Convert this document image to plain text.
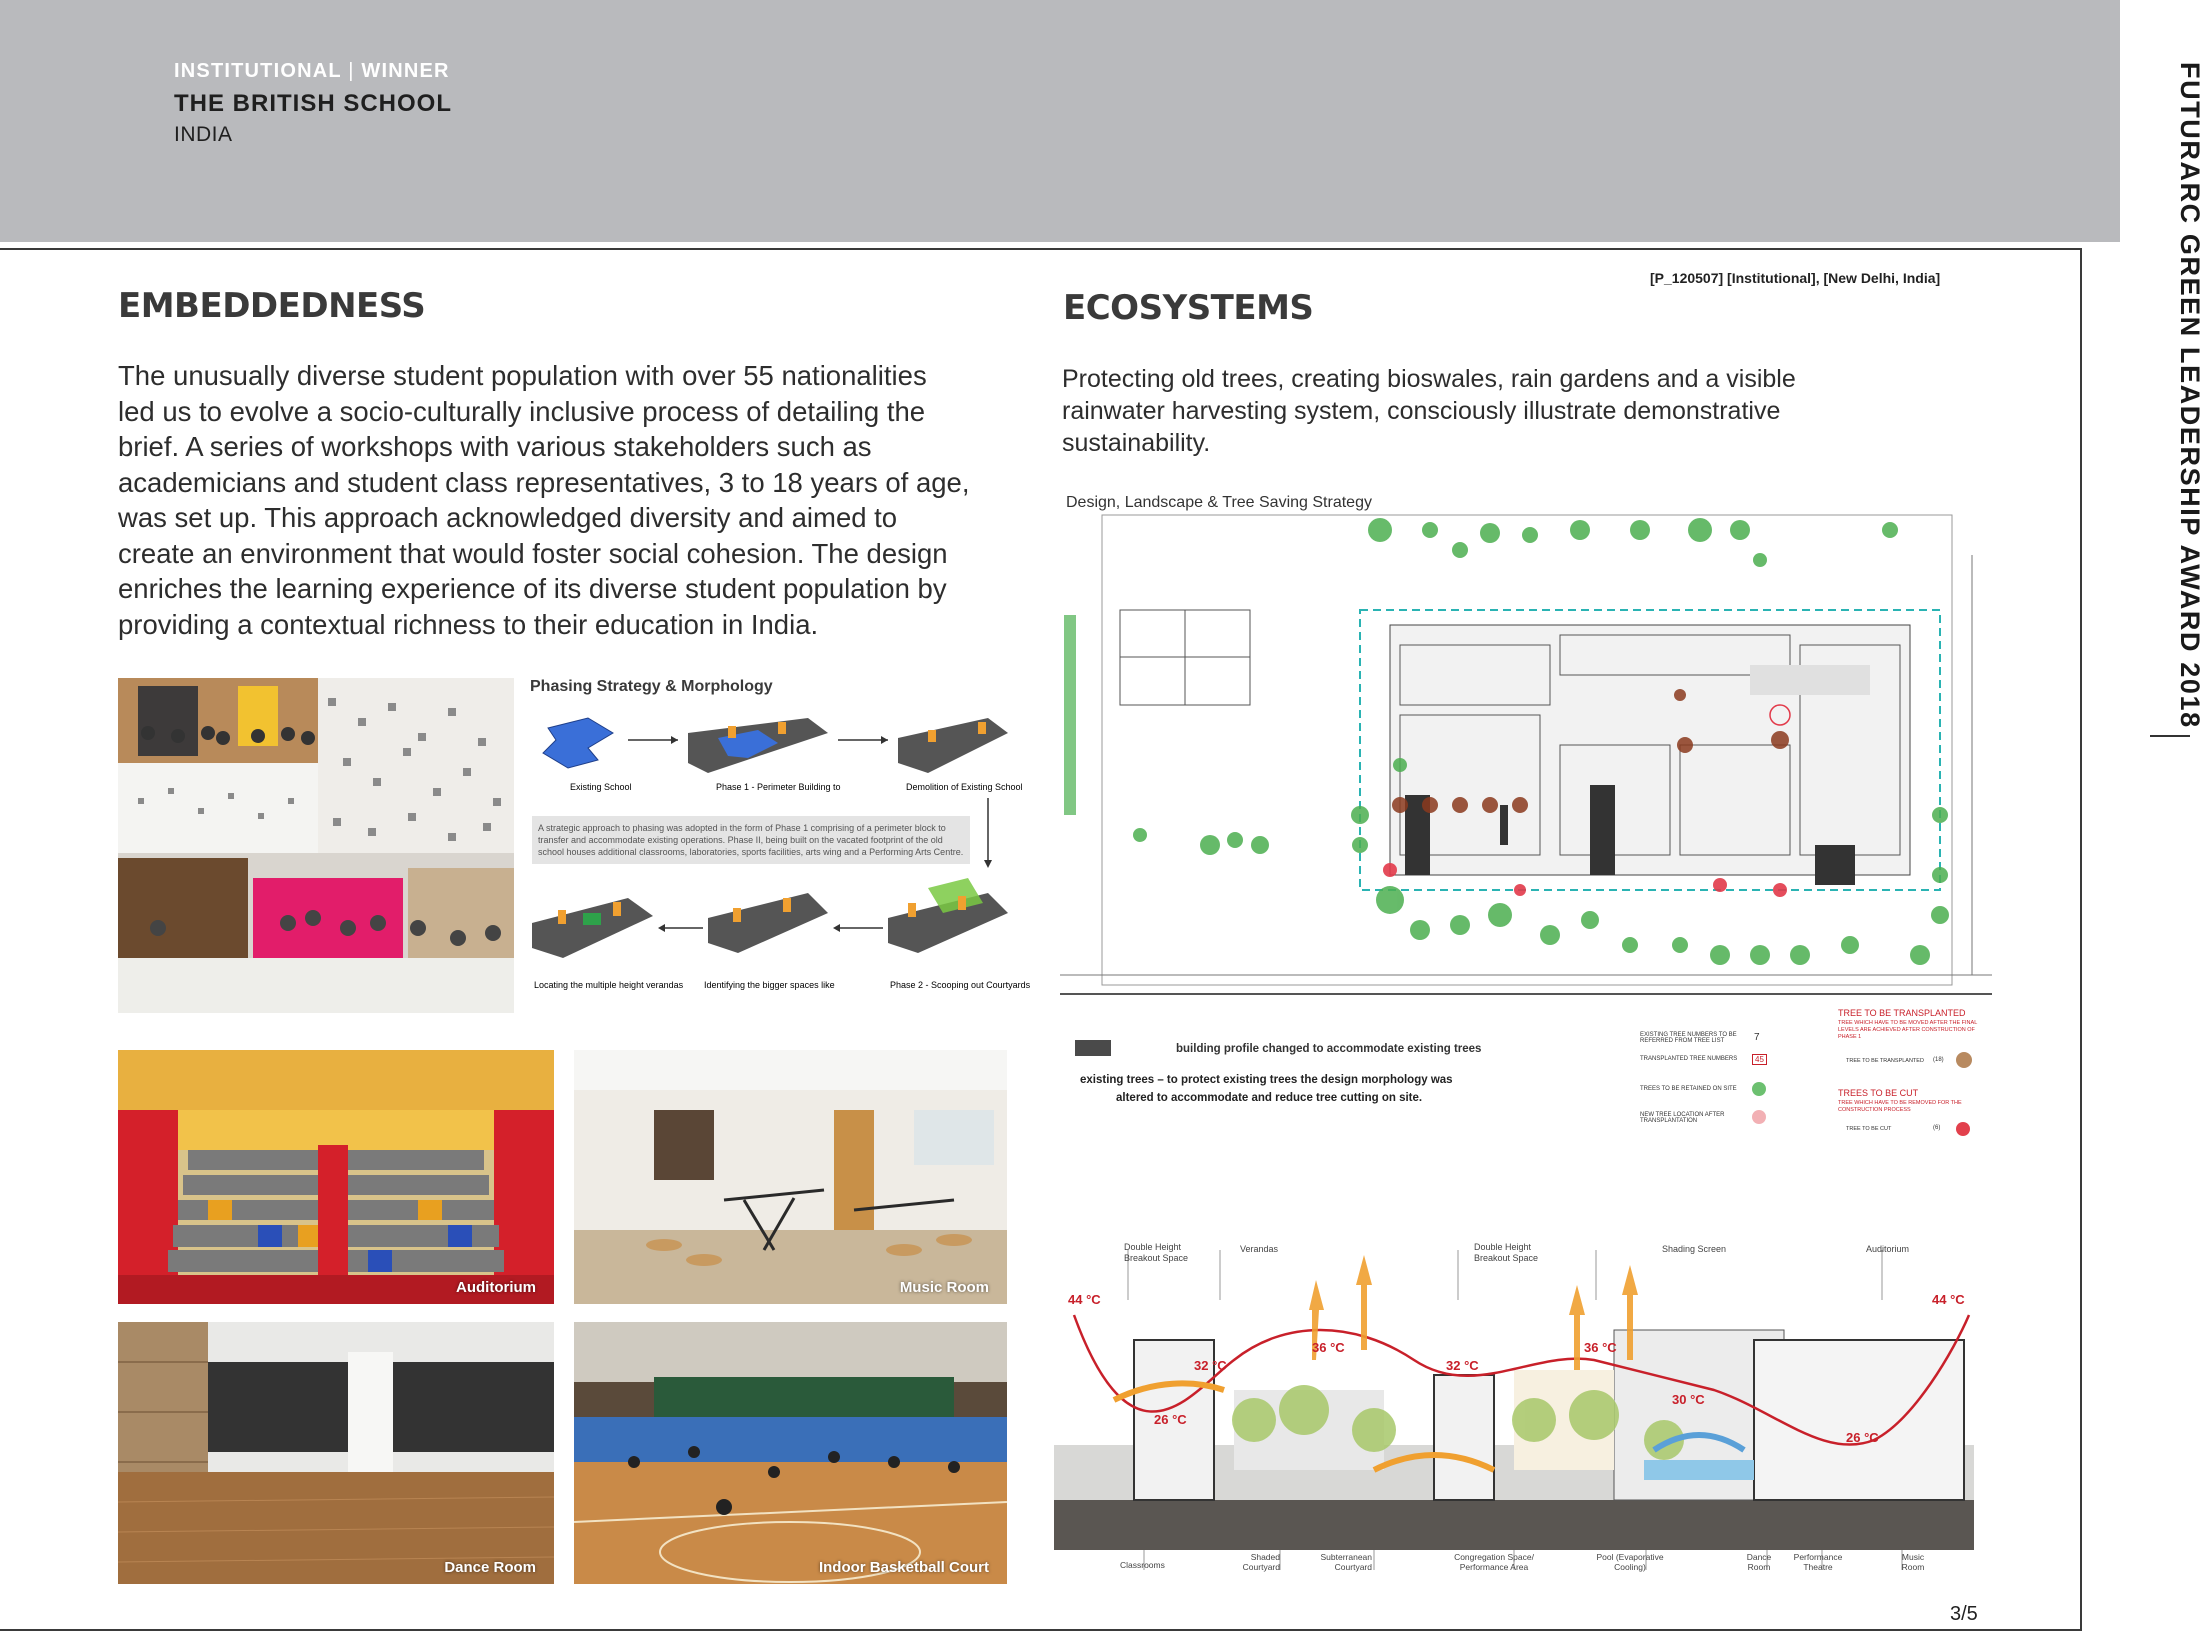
INSTITUTIONAL | WINNER
THE BRITISH SCHOOL
INDIA	FUTURARC GREEN LEADERSHIP AWARD 2018
[P_120507] [Institutional], [New Delhi, India]
EMBEDDEDNESS
The unusually diverse student population with over 55 nationalities
led us to evolve a socio-culturally inclusive process of detailing the
brief. A series of workshops with various stakeholders such as
academicians and student class representatives, 3 to 18 years of age,
was set up. This approach acknowledged diversity and aimed to
create an environment that would foster social cohesion. The design
enriches the learning experience of its diverse student population by
providing a contextual richness to their education in India.
Phasing Strategy & Morphology
Existing School	Phase 1 - Perimeter Building to	Demolition of Existing School
A strategic approach to phasing was adopted in the form of Phase 1 comprising of a perimeter block to
transfer and accommodate existing operations. Phase II, being built on the vacated footprint of the old
school houses additional classrooms, laboratories, sports facilities, arts wing and a Performing Arts Centre.
Locating the multiple height verandas Identifying the bigger spaces like	Phase 2 - Scooping out Courtyards
Auditorium	Music Room
Dance Room	Indoor Basketball Court
ECOSYSTEMS
Protecting old trees, creating bioswales, rain gardens and a visible
rainwater harvesting system, consciously illustrate demonstrative
sustainability.
Design, Landscape & Tree Saving Strategy
building profile changed to accommodate existing trees
existing trees – to protect existing trees the design morphology was
altered to accommodate and reduce tree cutting on site.
EXISTING TREE NUMBERS TO BE REFERRED FROM TREE LIST	7
TRANSPLANTED TREE NUMBERS	45
TREES TO BE RETAINED ON SITE
NEW TREE LOCATION AFTER TRANSPLANTATION
TREE TO BE TRANSPLANTED
TREE WHICH HAVE TO BE MOVED AFTER THE FINAL LEVELS ARE ACHIEVED AFTER CONSTRUCTION OF PHASE 1
TREE TO BE TRANSPLANTED (18)
TREES TO BE CUT
TREE WHICH HAVE TO BE REMOVED FOR THE CONSTRUCTION PROCESS
TREE TO BE CUT	(6)
Double Height Breakout Space
Verandas	Double Height Breakout Space
Shading Screen	Auditorium
44 °C
32 °C
36 °C
26 °C
32 °C
36 °C
30 °C
26 °C
44 °C
Classrooms
Shaded Courtyard
Subterranean Courtyard
Congregation Space/ Performance Area
Pool (Evaporative Cooling)
Dance Room
Performance Theatre
Music Room
3/5
